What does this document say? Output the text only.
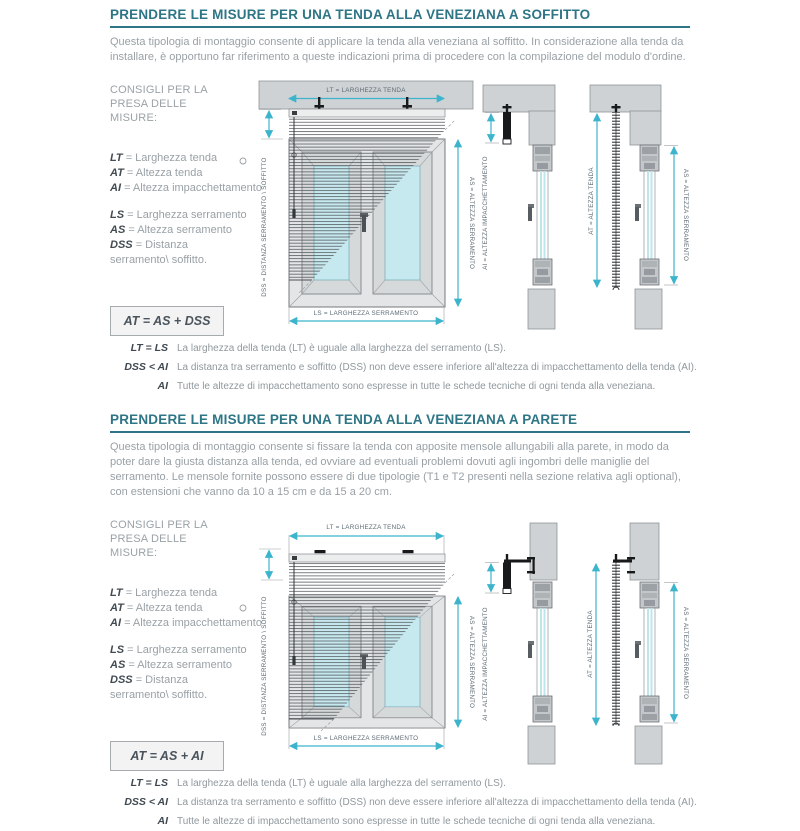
PRENDERE LE MISURE PER UNA TENDA ALLA VENEZIANA A SOFFITTO

Questa tipologia di montaggio consente di applicare la tenda alla veneziana al soffitto. In considerazione alla tenda da installare, è opportuno far riferimento a queste indicazioni prima di procedere con la compilazione del modulo d'ordine.

CONSIGLI PER LA PRESA DELLE MISURE:

LT = Larghezza tenda
AT = Altezza tenda
AI = Altezza impacchettamento
LS = Larghezza serramento
AS = Altezza serramento
DSS = Distanza serramento\ soffitto.
AT = AS + DSS
LT = LARGHEZZA TENDA
DSS = DISTANZA SERRAMENTO \ SOFFITTO	AS = ALTEZZA SERRAMENTO
LS = LARGHEZZA SERRAMENTO
AI = ALTEZZA IMPACCHETTAMENTO	AT = ALTEZZA TENDA	AS = ALTEZZA SERRAMENTO
LT = LS La larghezza della tenda (LT) è uguale alla larghezza del serramento (LS).
DSS < AI La distanza tra serramento e soffitto (DSS) non deve essere inferiore all'altezza di impacchettamento della tenda (AI).
AI Tutte le altezze di impacchettamento sono espresse in tutte le schede tecniche di ogni tenda alla veneziana.
PRENDERE LE MISURE PER UNA TENDA ALLA VENEZIANA A PARETE

Questa tipologia di montaggio consente si fissare la tenda con apposite mensole allungabili alla parete, in modo da poter dare la giusta distanza alla tenda, ed ovviare ad eventuali problemi dovuti agli ingombri delle maniglie del serramento. Le mensole fornite possono essere di due tipologie (T1 e T2 presenti nella sezione relativa agli optional), con estensioni che vanno da 10 a 15 cm e da 15 a 20 cm.

CONSIGLI PER LA PRESA DELLE MISURE:

LT = Larghezza tenda
AT = Altezza tenda
AI = Altezza impacchettamento
LS = Larghezza serramento
AS = Altezza serramento
DSS = Distanza serramento\ soffitto.
AT = AS + AI
LT = LARGHEZZA TENDA
DSS = DISTANZA SERRAMENTO \ SOFFITTO	AS = ALTEZZA SERRAMENTO
LS = LARGHEZZA SERRAMENTO
AI = ALTEZZA IMPACCHETTAMENTO	AT = ALTEZZA TENDA	AS = ALTEZZA SERRAMENTO
LT = LS La larghezza della tenda (LT) è uguale alla larghezza del serramento (LS).
DSS < AI La distanza tra serramento e soffitto (DSS) non deve essere inferiore all'altezza di impacchettamento della tenda (AI).
AI Tutte le altezze di impacchettamento sono espresse in tutte le schede tecniche di ogni tenda alla veneziana.
